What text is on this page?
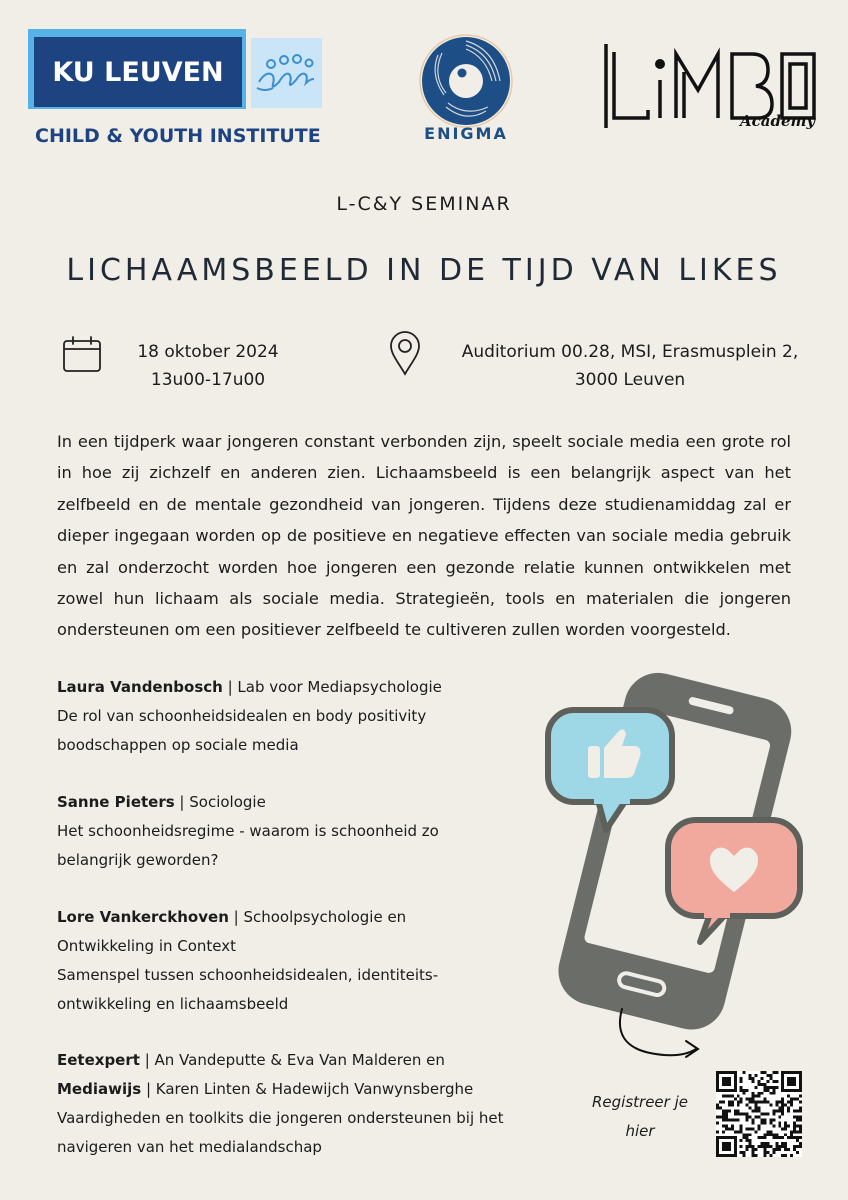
KU LEUVEN
CHILD & YOUTH INSTITUTE	ENIGMA
Academy
L-C&Y SEMINAR
LICHAAMSBEELD IN DE TIJD VAN LIKES
18 oktober 2024
13u00-17u00
Auditorium 00.28, MSI, Erasmusplein 2,
3000 Leuven
In een tijdperk waar jongeren constant verbonden zijn, speelt sociale media een grote rol in hoe zij zichzelf en anderen zien. Lichaamsbeeld is een belangrijk aspect van het zelfbeeld en de mentale gezondheid van jongeren. Tijdens deze studienamiddag zal er dieper ingegaan worden op de positieve en negatieve effecten van sociale media gebruik en zal onderzocht worden hoe jongeren een gezonde relatie kunnen ontwikkelen met zowel hun lichaam als sociale media. Strategieën, tools en materialen die jongeren ondersteunen om een positiever zelfbeeld te cultiveren zullen worden voorgesteld.
Laura Vandenbosch | Lab voor Mediapsychologie
De rol van schoonheidsidealen en body positivity boodschappen op sociale media
Sanne Pieters | Sociologie
Het schoonheidsregime - waarom is schoonheid zo belangrijk geworden?
Lore Vankerckhoven | Schoolpsychologie en Ontwikkeling in Context
Samenspel tussen schoonheidsidealen, identiteits-ontwikkeling en lichaamsbeeld
Eetexpert | An Vandeputte & Eva Van Malderen en
Mediawijs | Karen Linten & Hadewijch Vanwynsberghe
Vaardigheden en toolkits die jongeren ondersteunen bij het navigeren van het medialandschap
Registreer je hier
